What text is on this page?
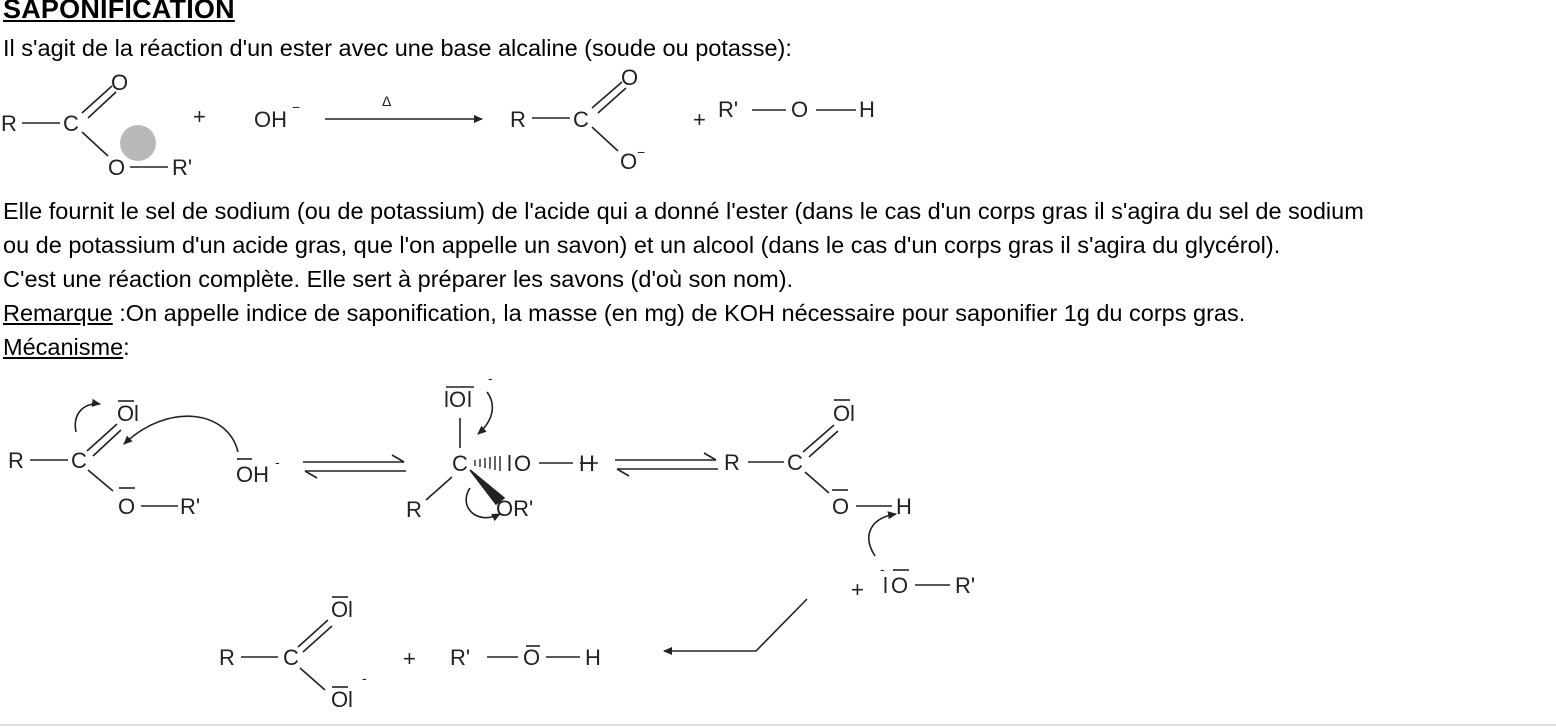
SAPONIFICATION
Il s'agit de la réaction d'un ester avec une base alcaline (soude ou potasse):
Elle fournit le sel de sodium (ou de potassium) de l'acide qui a donné l'ester (dans le cas d'un corps gras il s'agira du sel de sodium
ou de potassium d'un acide gras, que l'on appelle un savon) et un alcool (dans le cas d'un corps gras il s'agira du glycérol).
C'est une réaction complète. Elle sert à préparer les savons (d'où son nom).
Remarque :On appelle indice de saponification, la masse (en mg) de KOH nécessaire pour saponifier 1g du corps gras.
Mécanisme:
R C
O
O R'
+ OH −	Δ
R C
O
O −
+ R' O H
R C
O l
O R'
OH -
l O l
-
C l O H
R	OR'
R C
O l
O H
+
-
l O R'
R C
O l
O l
-
+ R' O H
